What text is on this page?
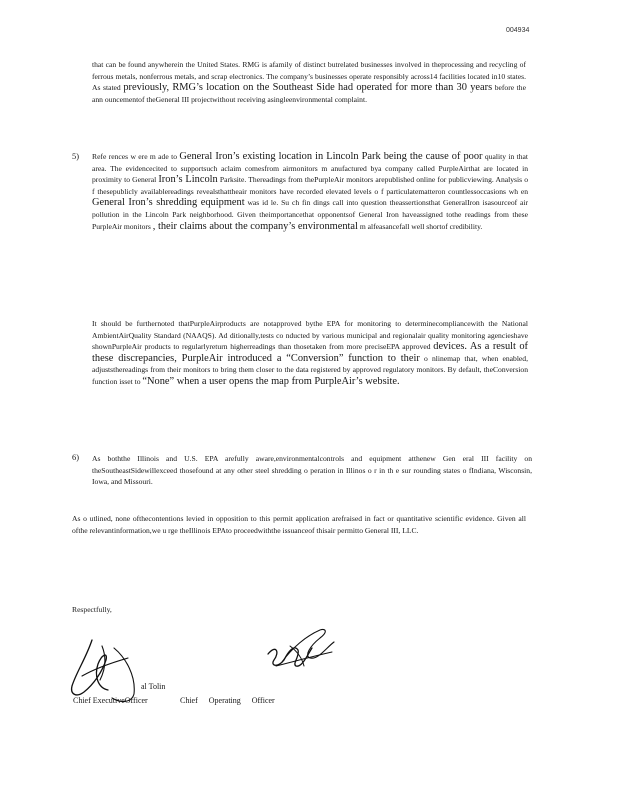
004934

that can be found anywherein the United States. RMG is afamily of distinct butrelated businesses involved in theprocessing and recycling of ferrous metals, nonferrous metals, and scrap electronics. The company’s businesses operate responsibly across14 facilities located in10 states. As stated previously, RMG’s location on the Southeast Side had operated for more than 30 years before the ann ouncementof theGeneral III projectwithout receiving asingleenvironmental complaint.

5) Refe rences w ere m ade to General Iron’s existing location in Lincoln Park being the cause of poor quality in that area. The evidencecited to supportsuch aclaim comesfrom airmonitors m anufactured bya company called PurpleAirthat are located in proximity to General Iron’s Lincoln Parksite. Thereadings from thePurpleAir monitors arepublished online for publicviewing. Analysis o f thesepublicly availablereadings revealsthattheair monitors have recorded elevated levels o f particulatematteron countlessoccasions wh en General Iron’s shredding equipment was id le. Su ch fin dings call into question theassertionsthat GeneralIron isasourceof air pollution in the Lincoln Park neighborhood. Given theimportancethat opponentsof General Iron haveassigned tothe readings from these PurpleAir monitors , their claims about the company’s environmental m alfeasancefall well shortof credibility.

It should be furthernoted thatPurpleAirproducts are notapproved bythe EPA for monitoring to determinecompliancewith the National AmbientAirQuality Standard (NAAQS). Ad ditionally,tests co nducted by various municipal and regionalair quality monitoring agencieshave shownPurpleAir products to regularlyreturn higherreadings than thosetaken from more preciseEPA approved devices. As a result of these discrepancies, PurpleAir introduced a “Conversion” function to their o nlinemap that, when enabled, adjuststhereadings from their monitors to bring them closer to the data registered by approved regulatory monitors. By default, theConversion function isset to “None” when a user opens the map from PurpleAir’s website.

6) As boththe Illinois and U.S. EPA arefully aware,environmentalcontrols and equipment atthenew Gen eral III facility on theSoutheastSidewillexceed thosefound at any other steel shredding o peration in Illinos o r in th e sur rounding states o fIndiana, Wisconsin, Iowa, and Missouri.

As o utlined, none ofthecontentions levied in opposition to this permit application arefraised in fact or quantitative scientific evidence. Given all ofthe relevantinformation,we u rge theIllinois EPAto proceedwiththe issuanceof thisair permitto General III, LLC.

Respectfully,
al Tolin
Chief ExecutiveOfficer	Chief Operating Officer
